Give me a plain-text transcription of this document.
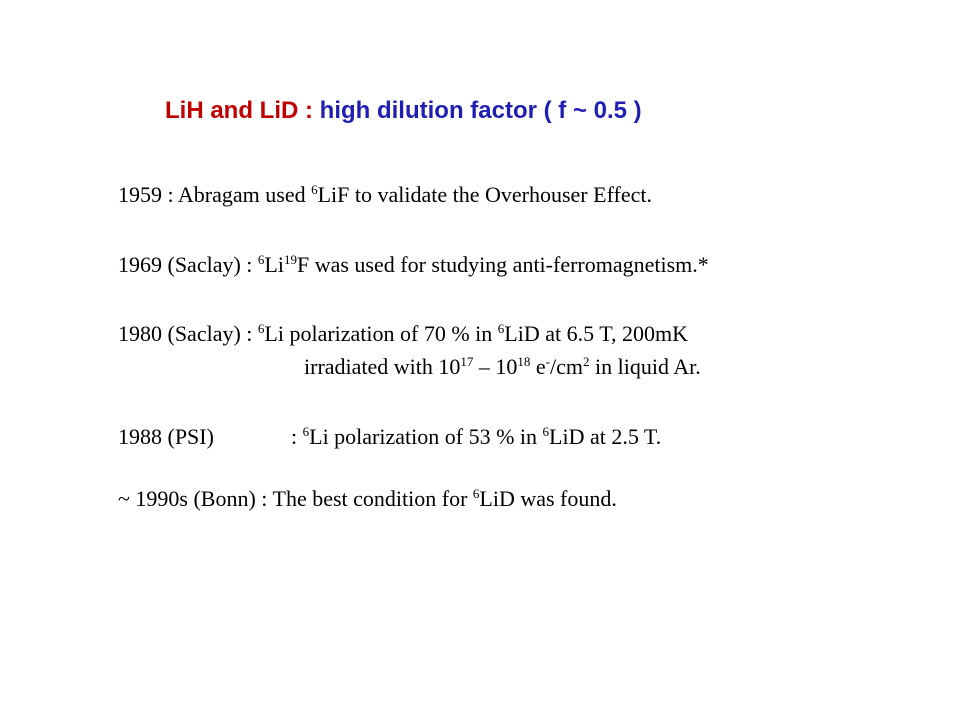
LiH and LiD : high dilution factor ( f ~ 0.5 )
1959 : Abragam used $^6$LiF to validate the Overhouser Effect.
1969 (Saclay) : $^6$Li$^{19}$F was used for studying anti-ferromagnetism.*
1980 (Saclay) : $^6$Li polarization of 70 % in $^6$LiD at 6.5 T, 200mK
irradiated with $10^{17} - 10^{18}$ $e^-/cm^2$ in liquid Ar.
1988 (PSI)	: $^6$Li polarization of 53 % in $^6$LiD at 2.5 T.
~ 1990s (Bonn) : The best condition for $^6$LiD was found.
